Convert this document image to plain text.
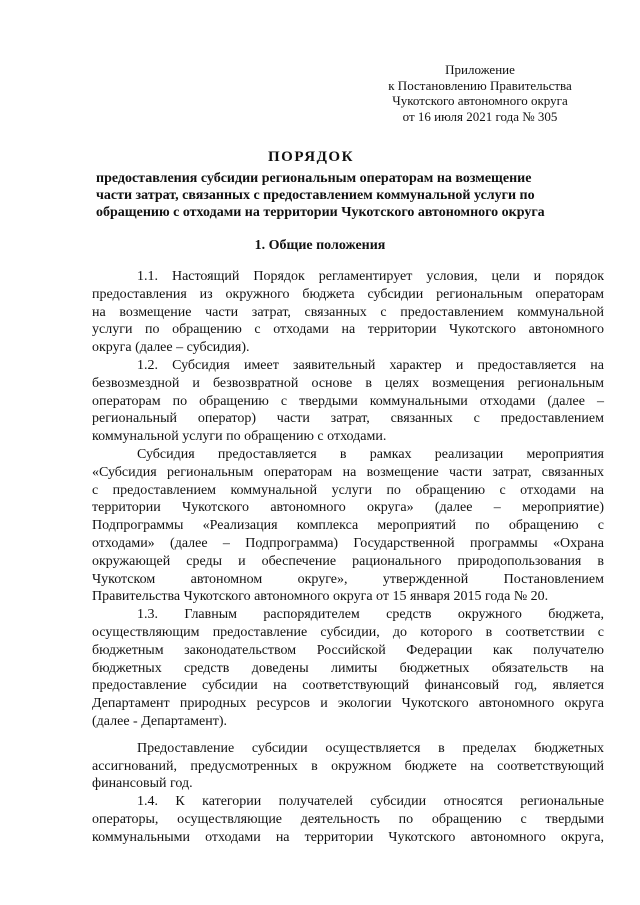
Приложение
к Постановлению Правительства
Чукотского автономного округа
от 16 июля 2021 года № 305
ПОРЯДОК
предоставления субсидии региональным операторам на возмещение
части затрат, связанных с предоставлением коммунальной услуги по
обращению с отходами на территории Чукотского автономного округа
1. Общие положения

1.1. Настоящий Порядок регламентирует условия, цели и порядок
предоставления из окружного бюджета субсидии региональным операторам
на возмещение части затрат, связанных с предоставлением коммунальной
услуги по обращению с отходами на территории Чукотского автономного
округа (далее – субсидия).

1.2. Субсидия имеет заявительный характер и предоставляется на
безвозмездной и безвозвратной основе в целях возмещения региональным
операторам по обращению с твердыми коммунальными отходами (далее –
региональный оператор) части затрат, связанных с предоставлением
коммунальной услуги по обращению с отходами.

Субсидия предоставляется в рамках реализации мероприятия
«Субсидия региональным операторам на возмещение части затрат, связанных
с предоставлением коммунальной услуги по обращению с отходами на
территории Чукотского автономного округа» (далее – мероприятие)
Подпрограммы «Реализация комплекса мероприятий по обращению с
отходами» (далее – Подпрограмма) Государственной программы «Охрана
окружающей среды и обеспечение рационального природопользования в
Чукотском автономном округе», утвержденной Постановлением
Правительства Чукотского автономного округа от 15 января 2015 года № 20.

1.3. Главным распорядителем средств окружного бюджета,
осуществляющим предоставление субсидии, до которого в соответствии с
бюджетным законодательством Российской Федерации как получателю
бюджетных средств доведены лимиты бюджетных обязательств на
предоставление субсидии на соответствующий финансовый год, является
Департамент природных ресурсов и экологии Чукотского автономного округа
(далее - Департамент).

Предоставление субсидии осуществляется в пределах бюджетных
ассигнований, предусмотренных в окружном бюджете на соответствующий
финансовый год.

1.4. К категории получателей субсидии относятся региональные
операторы, осуществляющие деятельность по обращению с твердыми
коммунальными отходами на территории Чукотского автономного округа,
